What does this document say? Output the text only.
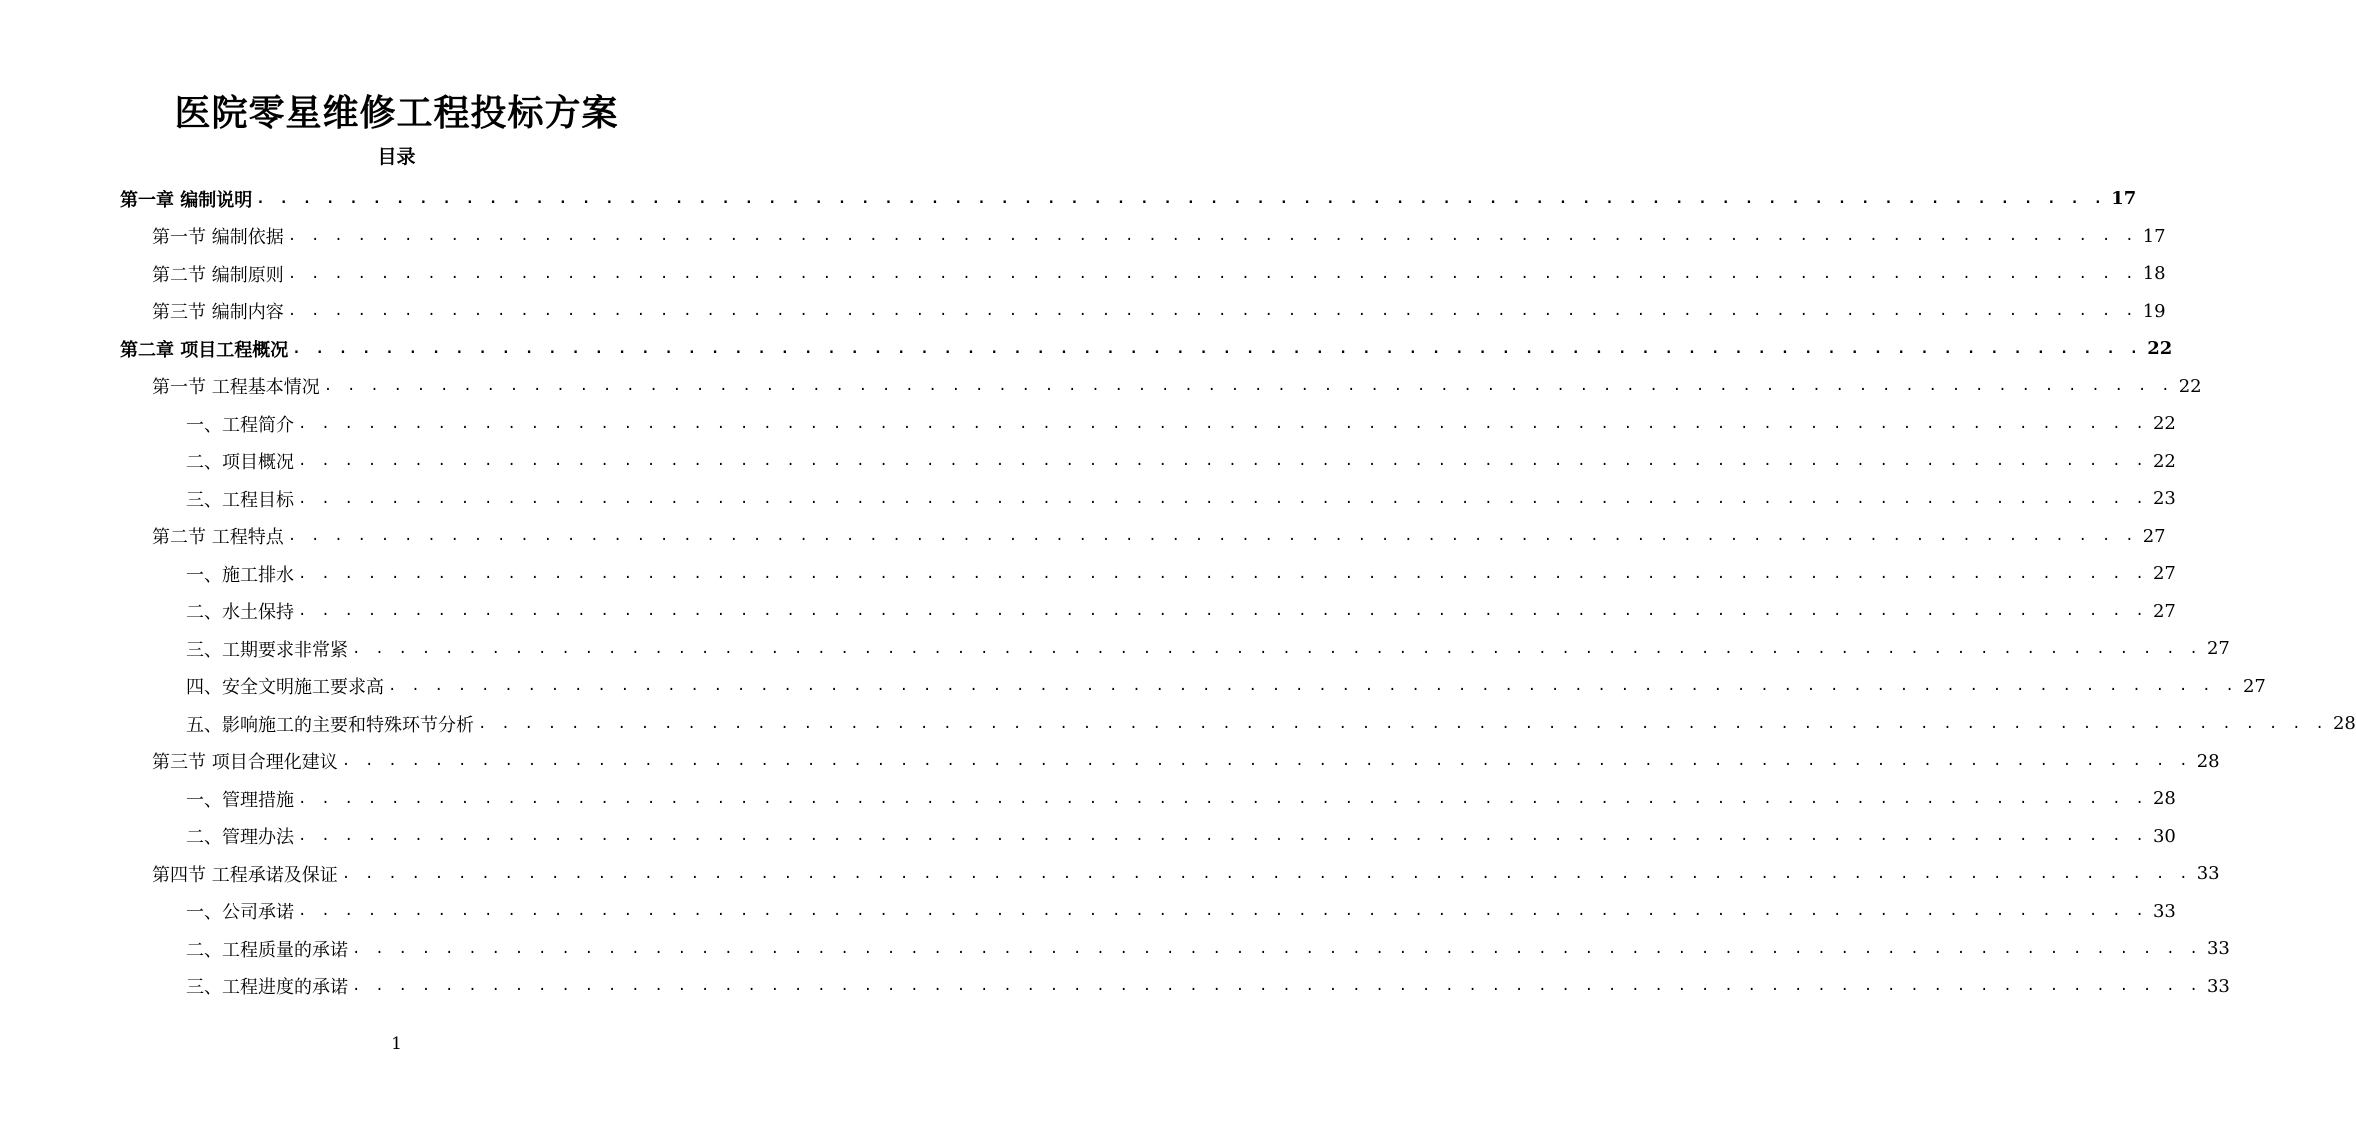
医院零星维修工程投标方案
目录
第一章 编制说明 . . . . . . . . . . . . . . . . . . . . . . . . . . . . . . . . . . . . . . . . . . . . . . . . . . . . . . . . . . . . . . . . . . . . . . . . . . . . . . . . 17
第一节 编制依据 . . . . . . . . . . . . . . . . . . . . . . . . . . . . . . . . . . . . . . . . . . . . . . . . . . . . . . . . . . . . . . . . . . . . . . . . . . . . . . . . 17
第二节 编制原则 . . . . . . . . . . . . . . . . . . . . . . . . . . . . . . . . . . . . . . . . . . . . . . . . . . . . . . . . . . . . . . . . . . . . . . . . . . . . . . . . 18
第三节 编制内容 . . . . . . . . . . . . . . . . . . . . . . . . . . . . . . . . . . . . . . . . . . . . . . . . . . . . . . . . . . . . . . . . . . . . . . . . . . . . . . . . 19
第二章 项目工程概况 . . . . . . . . . . . . . . . . . . . . . . . . . . . . . . . . . . . . . . . . . . . . . . . . . . . . . . . . . . . . . . . . . . . . . . . . . . . . . . . . 22
第一节 工程基本情况 . . . . . . . . . . . . . . . . . . . . . . . . . . . . . . . . . . . . . . . . . . . . . . . . . . . . . . . . . . . . . . . . . . . . . . . . . . . . . . . . 22
一、工程简介 . . . . . . . . . . . . . . . . . . . . . . . . . . . . . . . . . . . . . . . . . . . . . . . . . . . . . . . . . . . . . . . . . . . . . . . . . . . . . . . . 22
二、项目概况 . . . . . . . . . . . . . . . . . . . . . . . . . . . . . . . . . . . . . . . . . . . . . . . . . . . . . . . . . . . . . . . . . . . . . . . . . . . . . . . . 22
三、工程目标 . . . . . . . . . . . . . . . . . . . . . . . . . . . . . . . . . . . . . . . . . . . . . . . . . . . . . . . . . . . . . . . . . . . . . . . . . . . . . . . . 23
第二节 工程特点 . . . . . . . . . . . . . . . . . . . . . . . . . . . . . . . . . . . . . . . . . . . . . . . . . . . . . . . . . . . . . . . . . . . . . . . . . . . . . . . . 27
一、施工排水 . . . . . . . . . . . . . . . . . . . . . . . . . . . . . . . . . . . . . . . . . . . . . . . . . . . . . . . . . . . . . . . . . . . . . . . . . . . . . . . . 27
二、水土保持 . . . . . . . . . . . . . . . . . . . . . . . . . . . . . . . . . . . . . . . . . . . . . . . . . . . . . . . . . . . . . . . . . . . . . . . . . . . . . . . . 27
三、工期要求非常紧 . . . . . . . . . . . . . . . . . . . . . . . . . . . . . . . . . . . . . . . . . . . . . . . . . . . . . . . . . . . . . . . . . . . . . . . . . . . . . . . . 27
四、安全文明施工要求高 . . . . . . . . . . . . . . . . . . . . . . . . . . . . . . . . . . . . . . . . . . . . . . . . . . . . . . . . . . . . . . . . . . . . . . . . . . . . . . . . 27
五、影响施工的主要和特殊环节分析 . . . . . . . . . . . . . . . . . . . . . . . . . . . . . . . . . . . . . . . . . . . . . . . . . . . . . . . . . . . . . . . . . . . . . . . . . . . . . . . . 28
第三节 项目合理化建议 . . . . . . . . . . . . . . . . . . . . . . . . . . . . . . . . . . . . . . . . . . . . . . . . . . . . . . . . . . . . . . . . . . . . . . . . . . . . . . . . 28
一、管理措施 . . . . . . . . . . . . . . . . . . . . . . . . . . . . . . . . . . . . . . . . . . . . . . . . . . . . . . . . . . . . . . . . . . . . . . . . . . . . . . . . 28
二、管理办法 . . . . . . . . . . . . . . . . . . . . . . . . . . . . . . . . . . . . . . . . . . . . . . . . . . . . . . . . . . . . . . . . . . . . . . . . . . . . . . . . 30
第四节 工程承诺及保证 . . . . . . . . . . . . . . . . . . . . . . . . . . . . . . . . . . . . . . . . . . . . . . . . . . . . . . . . . . . . . . . . . . . . . . . . . . . . . . . . 33
一、公司承诺 . . . . . . . . . . . . . . . . . . . . . . . . . . . . . . . . . . . . . . . . . . . . . . . . . . . . . . . . . . . . . . . . . . . . . . . . . . . . . . . . 33
二、工程质量的承诺 . . . . . . . . . . . . . . . . . . . . . . . . . . . . . . . . . . . . . . . . . . . . . . . . . . . . . . . . . . . . . . . . . . . . . . . . . . . . . . . . 33
三、工程进度的承诺 . . . . . . . . . . . . . . . . . . . . . . . . . . . . . . . . . . . . . . . . . . . . . . . . . . . . . . . . . . . . . . . . . . . . . . . . . . . . . . . . 33
1
